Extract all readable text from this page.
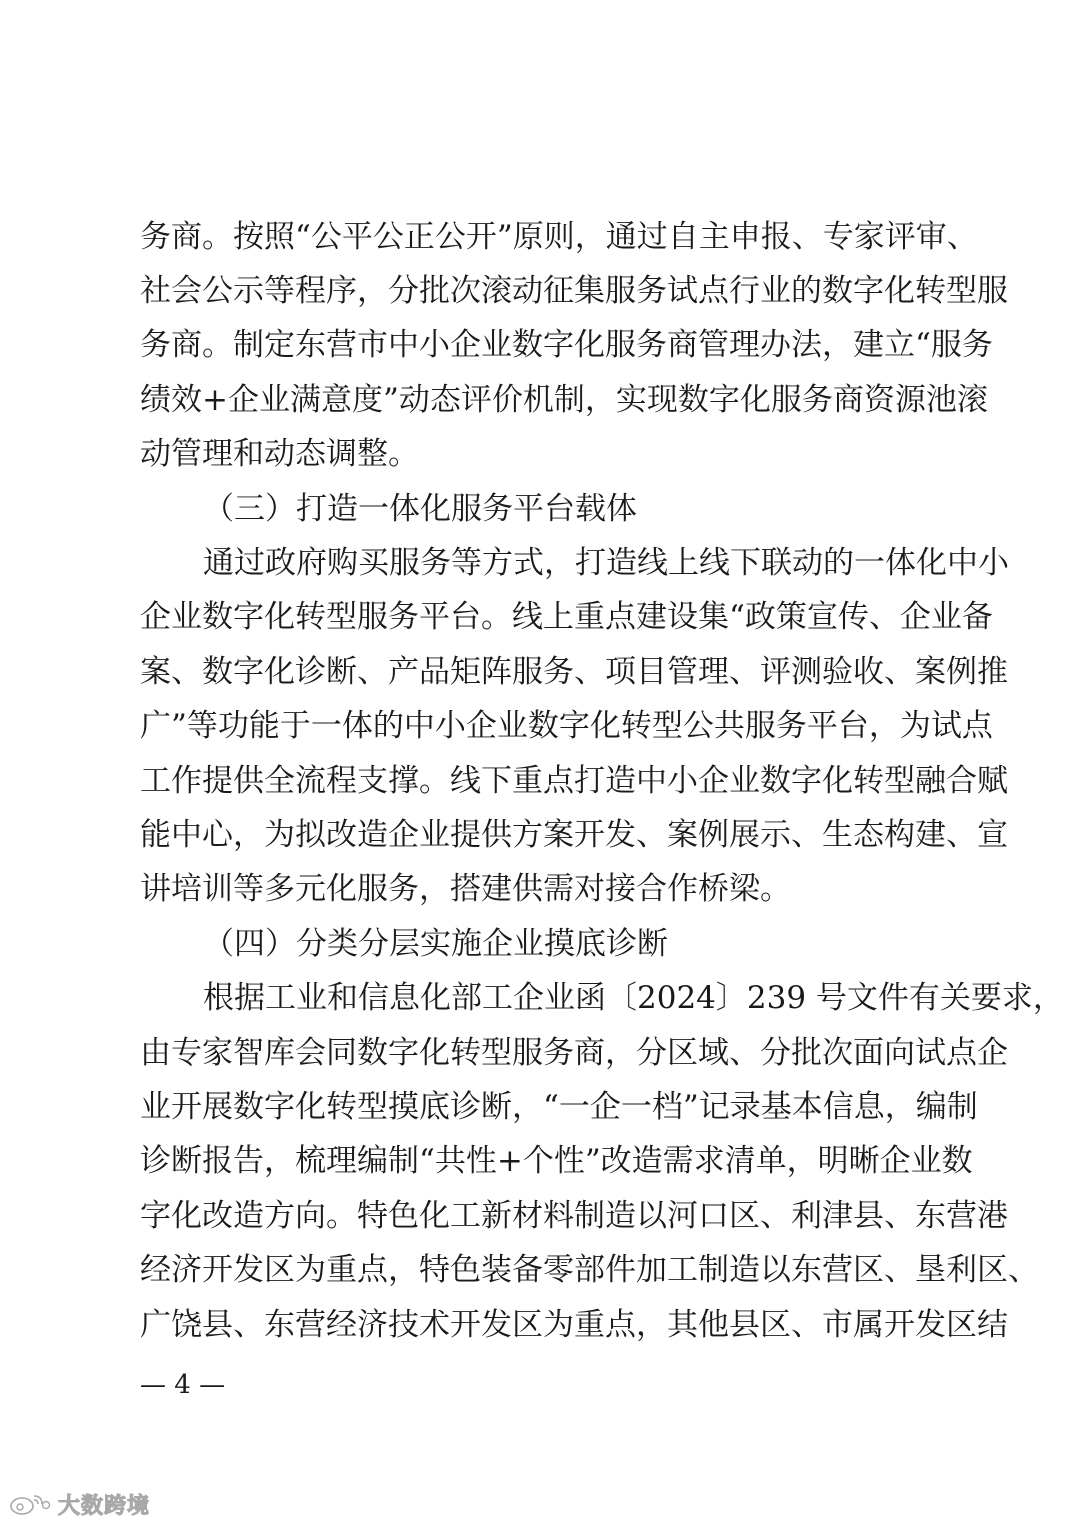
务商。按照“公平公正公开”原则，通过自主申报、专家评审、
社会公示等程序，分批次滚动征集服务试点行业的数字化转型服
务商。制定东营市中小企业数字化服务商管理办法，建立“服务
绩效+企业满意度”动态评价机制，实现数字化服务商资源池滚
动管理和动态调整。
（三）打造一体化服务平台载体
通过政府购买服务等方式，打造线上线下联动的一体化中小
企业数字化转型服务平台。线上重点建设集“政策宣传、企业备
案、数字化诊断、产品矩阵服务、项目管理、评测验收、案例推
广”等功能于一体的中小企业数字化转型公共服务平台，为试点
工作提供全流程支撑。线下重点打造中小企业数字化转型融合赋
能中心，为拟改造企业提供方案开发、案例展示、生态构建、宣
讲培训等多元化服务，搭建供需对接合作桥梁。
（四）分类分层实施企业摸底诊断
根据工业和信息化部工企业函〔2024〕239 号文件有关要求，
由专家智库会同数字化转型服务商，分区域、分批次面向试点企
业开展数字化转型摸底诊断，“一企一档”记录基本信息，编制
诊断报告，梳理编制“共性+个性”改造需求清单，明晰企业数
字化改造方向。特色化工新材料制造以河口区、利津县、东营港
经济开发区为重点，特色装备零部件加工制造以东营区、垦利区、
广饶县、东营经济技术开发区为重点，其他县区、市属开发区结
— 4 —
大数跨境
